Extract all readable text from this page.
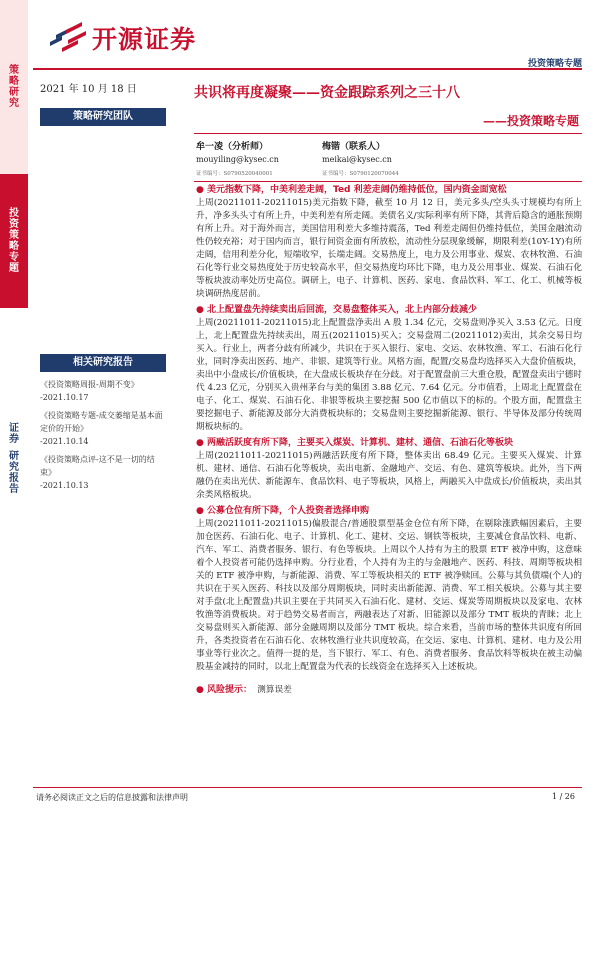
策
略
研
究
投
资
策
略
专
题
证
券
研
究
报
告
开源证券
投资策略专题
2021 年 10 月 18 日
策略研究团队
相关研究报告
《投资策略周报-周期不变》
-2021.10.17
《投资策略专题-成交萎缩是基本面定价的开始》
-2021.10.14
《投资策略点评-这不是一切的结束》
-2021.10.13
共识将再度凝聚——资金跟踪系列之三十八
——投资策略专题
牟一凌（分析师）
mouyiling@kysec.cn
证书编号：S0790520040001
梅锴（联系人）
meikai@kysec.cn
证书编号：S0790120070044
● 美元指数下降，中美利差走阔，Ted 利差走阔仍维持低位，国内资金面宽松
上周(20211011-20211015)美元指数下降，截至 10 月 12 日，美元多头/空头头寸规模均有所上升，净多头头寸有所上升，中美利差有所走阔。美债名义/实际利率有所下降，其背后隐含的通胀预期有所上升。对于海外而言，美国信用利差大多维持震荡，Ted 利差走阔但仍维持低位，美国金融流动性仍较充裕；对于国内而言，银行间资金面有所放松，流动性分层现象缓解，期限利差(10Y-1Y)有所走阔，信用利差分化，短端收窄，长端走阔。交易热度上，电力及公用事业、煤炭、农林牧渔、石油石化等行业交易热度处于历史较高水平，但交易热度均环比下降，电力及公用事业、煤炭、石油石化等板块波动率处历史高位。调研上，电子、计算机、医药、家电、食品饮料、军工、化工、机械等板块调研热度居前。
● 北上配置盘先持续卖出后回流，交易盘整体买入，北上内部分歧减少
上周(20211011-20211015)北上配置盘净卖出 A 股 1.34 亿元，交易盘则净买入 3.53 亿元。日度上，北上配置盘先持续卖出，周五(20211015)买入；交易盘周二(20211012)卖出，其余交易日均买入。行业上，两者分歧有所减少，共识在于买入银行、家电、交运、农林牧渔、军工、石油石化行业，同时净卖出医药、地产、非银、建筑等行业。风格方面，配置/交易盘均选择买入大盘价值板块，卖出中小盘成长/价值板块，在大盘成长板块存在分歧。对于配置盘前三大重仓股，配置盘卖出宁德时代 4.23 亿元，分别买入贵州茅台与美的集团 3.88 亿元、7.64 亿元。分市值看，上周北上配置盘在电子、化工、煤炭、石油石化、非银等板块主要挖掘 500 亿市值以下的标的。个股方面，配置盘主要挖掘电子、新能源及部分大消费板块标的；交易盘则主要挖掘新能源、银行、半导体及部分传统周期板块标的。
● 两融活跃度有所下降，主要买入煤炭、计算机、建材、通信、石油石化等板块
上周(20211011-20211015)两融活跃度有所下降，整体卖出 68.49 亿元。主要买入煤炭、计算机、建材、通信、石油石化等板块，卖出电新、金融地产、交运、有色、建筑等板块。此外，当下两融仍在卖出光伏、新能源车、食品饮料、电子等板块，风格上，两融买入中盘成长/价值板块，卖出其余类风格板块。
● 公募仓位有所下降，个人投资者选择申购
上周(20211011-20211015)偏股混合/普通股票型基金仓位有所下降，在剔除涨跌幅因素后，主要加仓医药、石油石化、电子、计算机、化工、建材、交运、钢铁等板块，主要减仓食品饮料、电新、汽车、军工、消费者服务、银行、有色等板块。上周以个人持有为主的股票 ETF 被净申购，这意味着个人投资者可能仍选择申购。分行业看，个人持有为主的与金融地产、医药、科技、周期等板块相关的 ETF 被净申购，与新能源、消费、军工等板块相关的 ETF 被净赎回。公募与其负债端(个人)的共识在于买入医药、科技以及部分周期板块，同时卖出新能源、消费、军工相关板块。公募与其主要对手盘(北上配置盘)共识主要在于共同买入石油石化、建材、交运、煤炭等周期板块以及家电、农林牧渔等消费板块。对于趋势交易者而言，两融表达了对新、旧能源以及部分 TMT 板块的青睐；北上交易盘则买入新能源、部分金融周期以及部分 TMT 板块。综合来看，当前市场的整体共识度有所回升，各类投资者在石油石化、农林牧渔行业共识度较高，在交运、家电、计算机、建材、电力及公用事业等行业次之。值得一提的是，当下银行、军工、有色、消费者服务、食品饮料等板块在被主动偏股基金减持的同时，以北上配置盘为代表的长线资金在选择买入上述板块。
● 风险提示： 测算误差
请务必阅读正文之后的信息披露和法律声明	1 / 26
